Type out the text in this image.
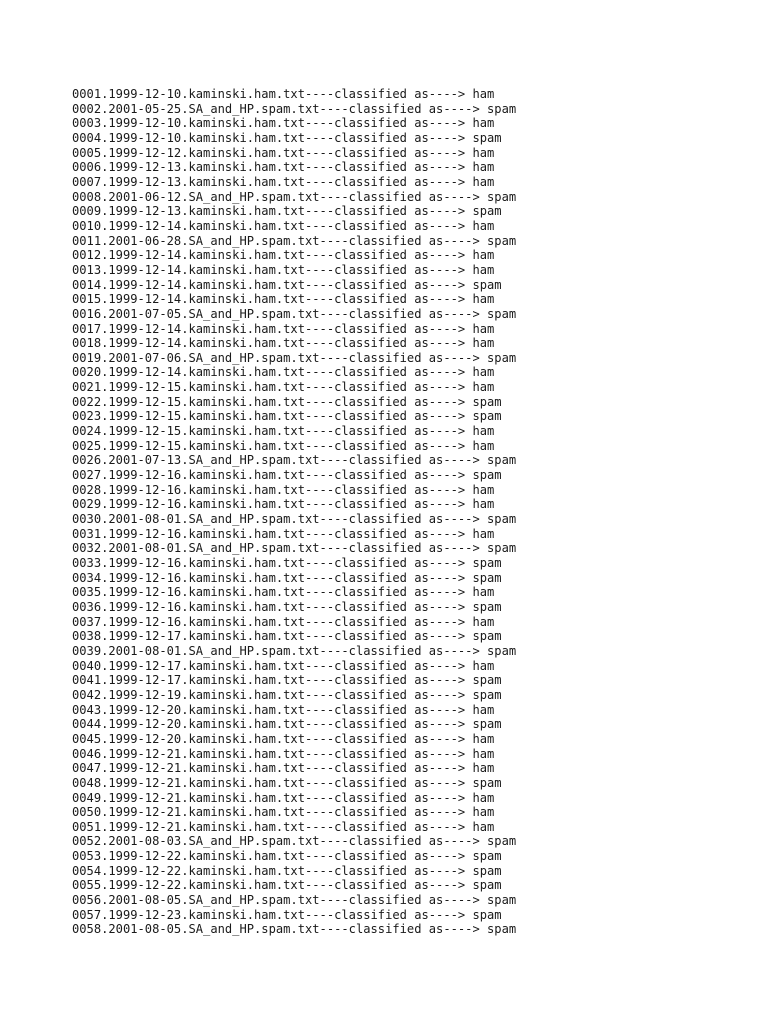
0001.1999-12-10.kaminski.ham.txt----classified as----> ham
0002.2001-05-25.SA_and_HP.spam.txt----classified as----> spam
0003.1999-12-10.kaminski.ham.txt----classified as----> ham
0004.1999-12-10.kaminski.ham.txt----classified as----> spam
0005.1999-12-12.kaminski.ham.txt----classified as----> ham
0006.1999-12-13.kaminski.ham.txt----classified as----> ham
0007.1999-12-13.kaminski.ham.txt----classified as----> ham
0008.2001-06-12.SA_and_HP.spam.txt----classified as----> spam
0009.1999-12-13.kaminski.ham.txt----classified as----> spam
0010.1999-12-14.kaminski.ham.txt----classified as----> ham
0011.2001-06-28.SA_and_HP.spam.txt----classified as----> spam
0012.1999-12-14.kaminski.ham.txt----classified as----> ham
0013.1999-12-14.kaminski.ham.txt----classified as----> ham
0014.1999-12-14.kaminski.ham.txt----classified as----> spam
0015.1999-12-14.kaminski.ham.txt----classified as----> ham
0016.2001-07-05.SA_and_HP.spam.txt----classified as----> spam
0017.1999-12-14.kaminski.ham.txt----classified as----> ham
0018.1999-12-14.kaminski.ham.txt----classified as----> ham
0019.2001-07-06.SA_and_HP.spam.txt----classified as----> spam
0020.1999-12-14.kaminski.ham.txt----classified as----> ham
0021.1999-12-15.kaminski.ham.txt----classified as----> ham
0022.1999-12-15.kaminski.ham.txt----classified as----> spam
0023.1999-12-15.kaminski.ham.txt----classified as----> spam
0024.1999-12-15.kaminski.ham.txt----classified as----> ham
0025.1999-12-15.kaminski.ham.txt----classified as----> ham
0026.2001-07-13.SA_and_HP.spam.txt----classified as----> spam
0027.1999-12-16.kaminski.ham.txt----classified as----> spam
0028.1999-12-16.kaminski.ham.txt----classified as----> ham
0029.1999-12-16.kaminski.ham.txt----classified as----> ham
0030.2001-08-01.SA_and_HP.spam.txt----classified as----> spam
0031.1999-12-16.kaminski.ham.txt----classified as----> ham
0032.2001-08-01.SA_and_HP.spam.txt----classified as----> spam
0033.1999-12-16.kaminski.ham.txt----classified as----> spam
0034.1999-12-16.kaminski.ham.txt----classified as----> spam
0035.1999-12-16.kaminski.ham.txt----classified as----> ham
0036.1999-12-16.kaminski.ham.txt----classified as----> spam
0037.1999-12-16.kaminski.ham.txt----classified as----> ham
0038.1999-12-17.kaminski.ham.txt----classified as----> spam
0039.2001-08-01.SA_and_HP.spam.txt----classified as----> spam
0040.1999-12-17.kaminski.ham.txt----classified as----> ham
0041.1999-12-17.kaminski.ham.txt----classified as----> spam
0042.1999-12-19.kaminski.ham.txt----classified as----> spam
0043.1999-12-20.kaminski.ham.txt----classified as----> ham
0044.1999-12-20.kaminski.ham.txt----classified as----> spam
0045.1999-12-20.kaminski.ham.txt----classified as----> ham
0046.1999-12-21.kaminski.ham.txt----classified as----> ham
0047.1999-12-21.kaminski.ham.txt----classified as----> ham
0048.1999-12-21.kaminski.ham.txt----classified as----> spam
0049.1999-12-21.kaminski.ham.txt----classified as----> ham
0050.1999-12-21.kaminski.ham.txt----classified as----> ham
0051.1999-12-21.kaminski.ham.txt----classified as----> ham
0052.2001-08-03.SA_and_HP.spam.txt----classified as----> spam
0053.1999-12-22.kaminski.ham.txt----classified as----> spam
0054.1999-12-22.kaminski.ham.txt----classified as----> spam
0055.1999-12-22.kaminski.ham.txt----classified as----> spam
0056.2001-08-05.SA_and_HP.spam.txt----classified as----> spam
0057.1999-12-23.kaminski.ham.txt----classified as----> spam
0058.2001-08-05.SA_and_HP.spam.txt----classified as----> spam
